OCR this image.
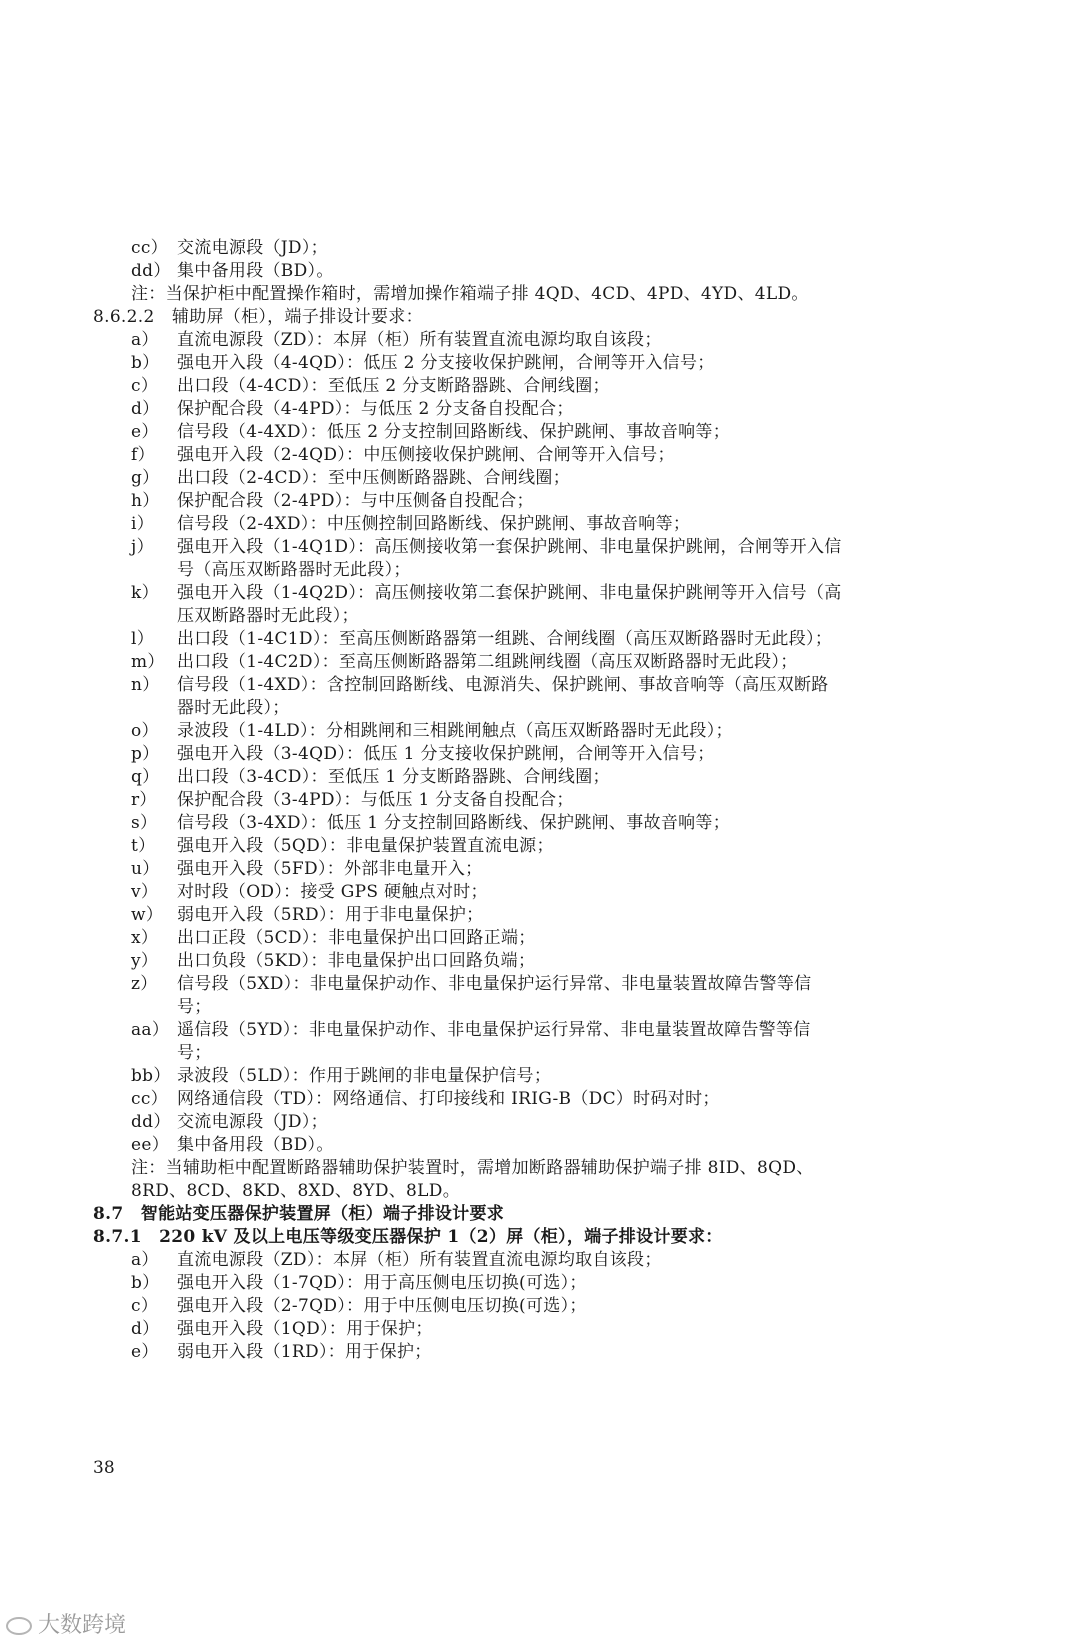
cc） 交流电源段（JD）；
dd） 集中备用段（BD）。
注：当保护柜中配置操作箱时，需增加操作箱端子排 4QD、4CD、4PD、4YD、4LD。
8.6.2.2　辅助屏（柜），端子排设计要求：
a） 直流电源段（ZD）：本屏（柜）所有装置直流电源均取自该段；
b） 强电开入段（4-4QD）：低压 2 分支接收保护跳闸，合闸等开入信号；
c） 出口段（4-4CD）：至低压 2 分支断路器跳、合闸线圈；
d） 保护配合段（4-4PD）：与低压 2 分支备自投配合；
e） 信号段（4-4XD）：低压 2 分支控制回路断线、保护跳闸、事故音响等；
f） 强电开入段（2-4QD）：中压侧接收保护跳闸、合闸等开入信号；
g） 出口段（2-4CD）：至中压侧断路器跳、合闸线圈；
h） 保护配合段（2-4PD）：与中压侧备自投配合；
i） 信号段（2-4XD）：中压侧控制回路断线、保护跳闸、事故音响等；
j） 强电开入段（1-4Q1D）：高压侧接收第一套保护跳闸、非电量保护跳闸，合闸等开入信
号（高压双断路器时无此段）；
k） 强电开入段（1-4Q2D）：高压侧接收第二套保护跳闸、非电量保护跳闸等开入信号（高
压双断路器时无此段）；
l） 出口段（1-4C1D）：至高压侧断路器第一组跳、合闸线圈（高压双断路器时无此段）；
m） 出口段（1-4C2D）：至高压侧断路器第二组跳闸线圈（高压双断路器时无此段）；
n） 信号段（1-4XD）：含控制回路断线、电源消失、保护跳闸、事故音响等（高压双断路
器时无此段）；
o） 录波段（1-4LD）：分相跳闸和三相跳闸触点（高压双断路器时无此段）；
p） 强电开入段（3-4QD）：低压 1 分支接收保护跳闸，合闸等开入信号；
q） 出口段（3-4CD）：至低压 1 分支断路器跳、合闸线圈；
r） 保护配合段（3-4PD）：与低压 1 分支备自投配合；
s） 信号段（3-4XD）：低压 1 分支控制回路断线、保护跳闸、事故音响等；
t） 强电开入段（5QD）：非电量保护装置直流电源；
u） 强电开入段（5FD）：外部非电量开入；
v） 对时段（OD）：接受 GPS 硬触点对时；
w） 弱电开入段（5RD）：用于非电量保护；
x） 出口正段（5CD）：非电量保护出口回路正端；
y） 出口负段（5KD）：非电量保护出口回路负端；
z） 信号段（5XD）：非电量保护动作、非电量保护运行异常、非电量装置故障告警等信
号；
aa） 遥信段（5YD）：非电量保护动作、非电量保护运行异常、非电量装置故障告警等信
号；
bb） 录波段（5LD）：作用于跳闸的非电量保护信号；
cc） 网络通信段（TD）：网络通信、打印接线和 IRIG-B（DC）时码对时；
dd） 交流电源段（JD）；
ee） 集中备用段（BD）。
注：当辅助柜中配置断路器辅助保护装置时，需增加断路器辅助保护端子排 8ID、8QD、
8RD、8CD、8KD、8XD、8YD、8LD。
8.7　智能站变压器保护装置屏（柜）端子排设计要求
8.7.1　220 kV 及以上电压等级变压器保护 1（2）屏（柜），端子排设计要求：
a） 直流电源段（ZD）：本屏（柜）所有装置直流电源均取自该段；
b） 强电开入段（1-7QD）：用于高压侧电压切换(可选）；
c） 强电开入段（2-7QD）：用于中压侧电压切换(可选）；
d） 强电开入段（1QD）：用于保护；
e） 弱电开入段（1RD）：用于保护；
38
大数跨境
